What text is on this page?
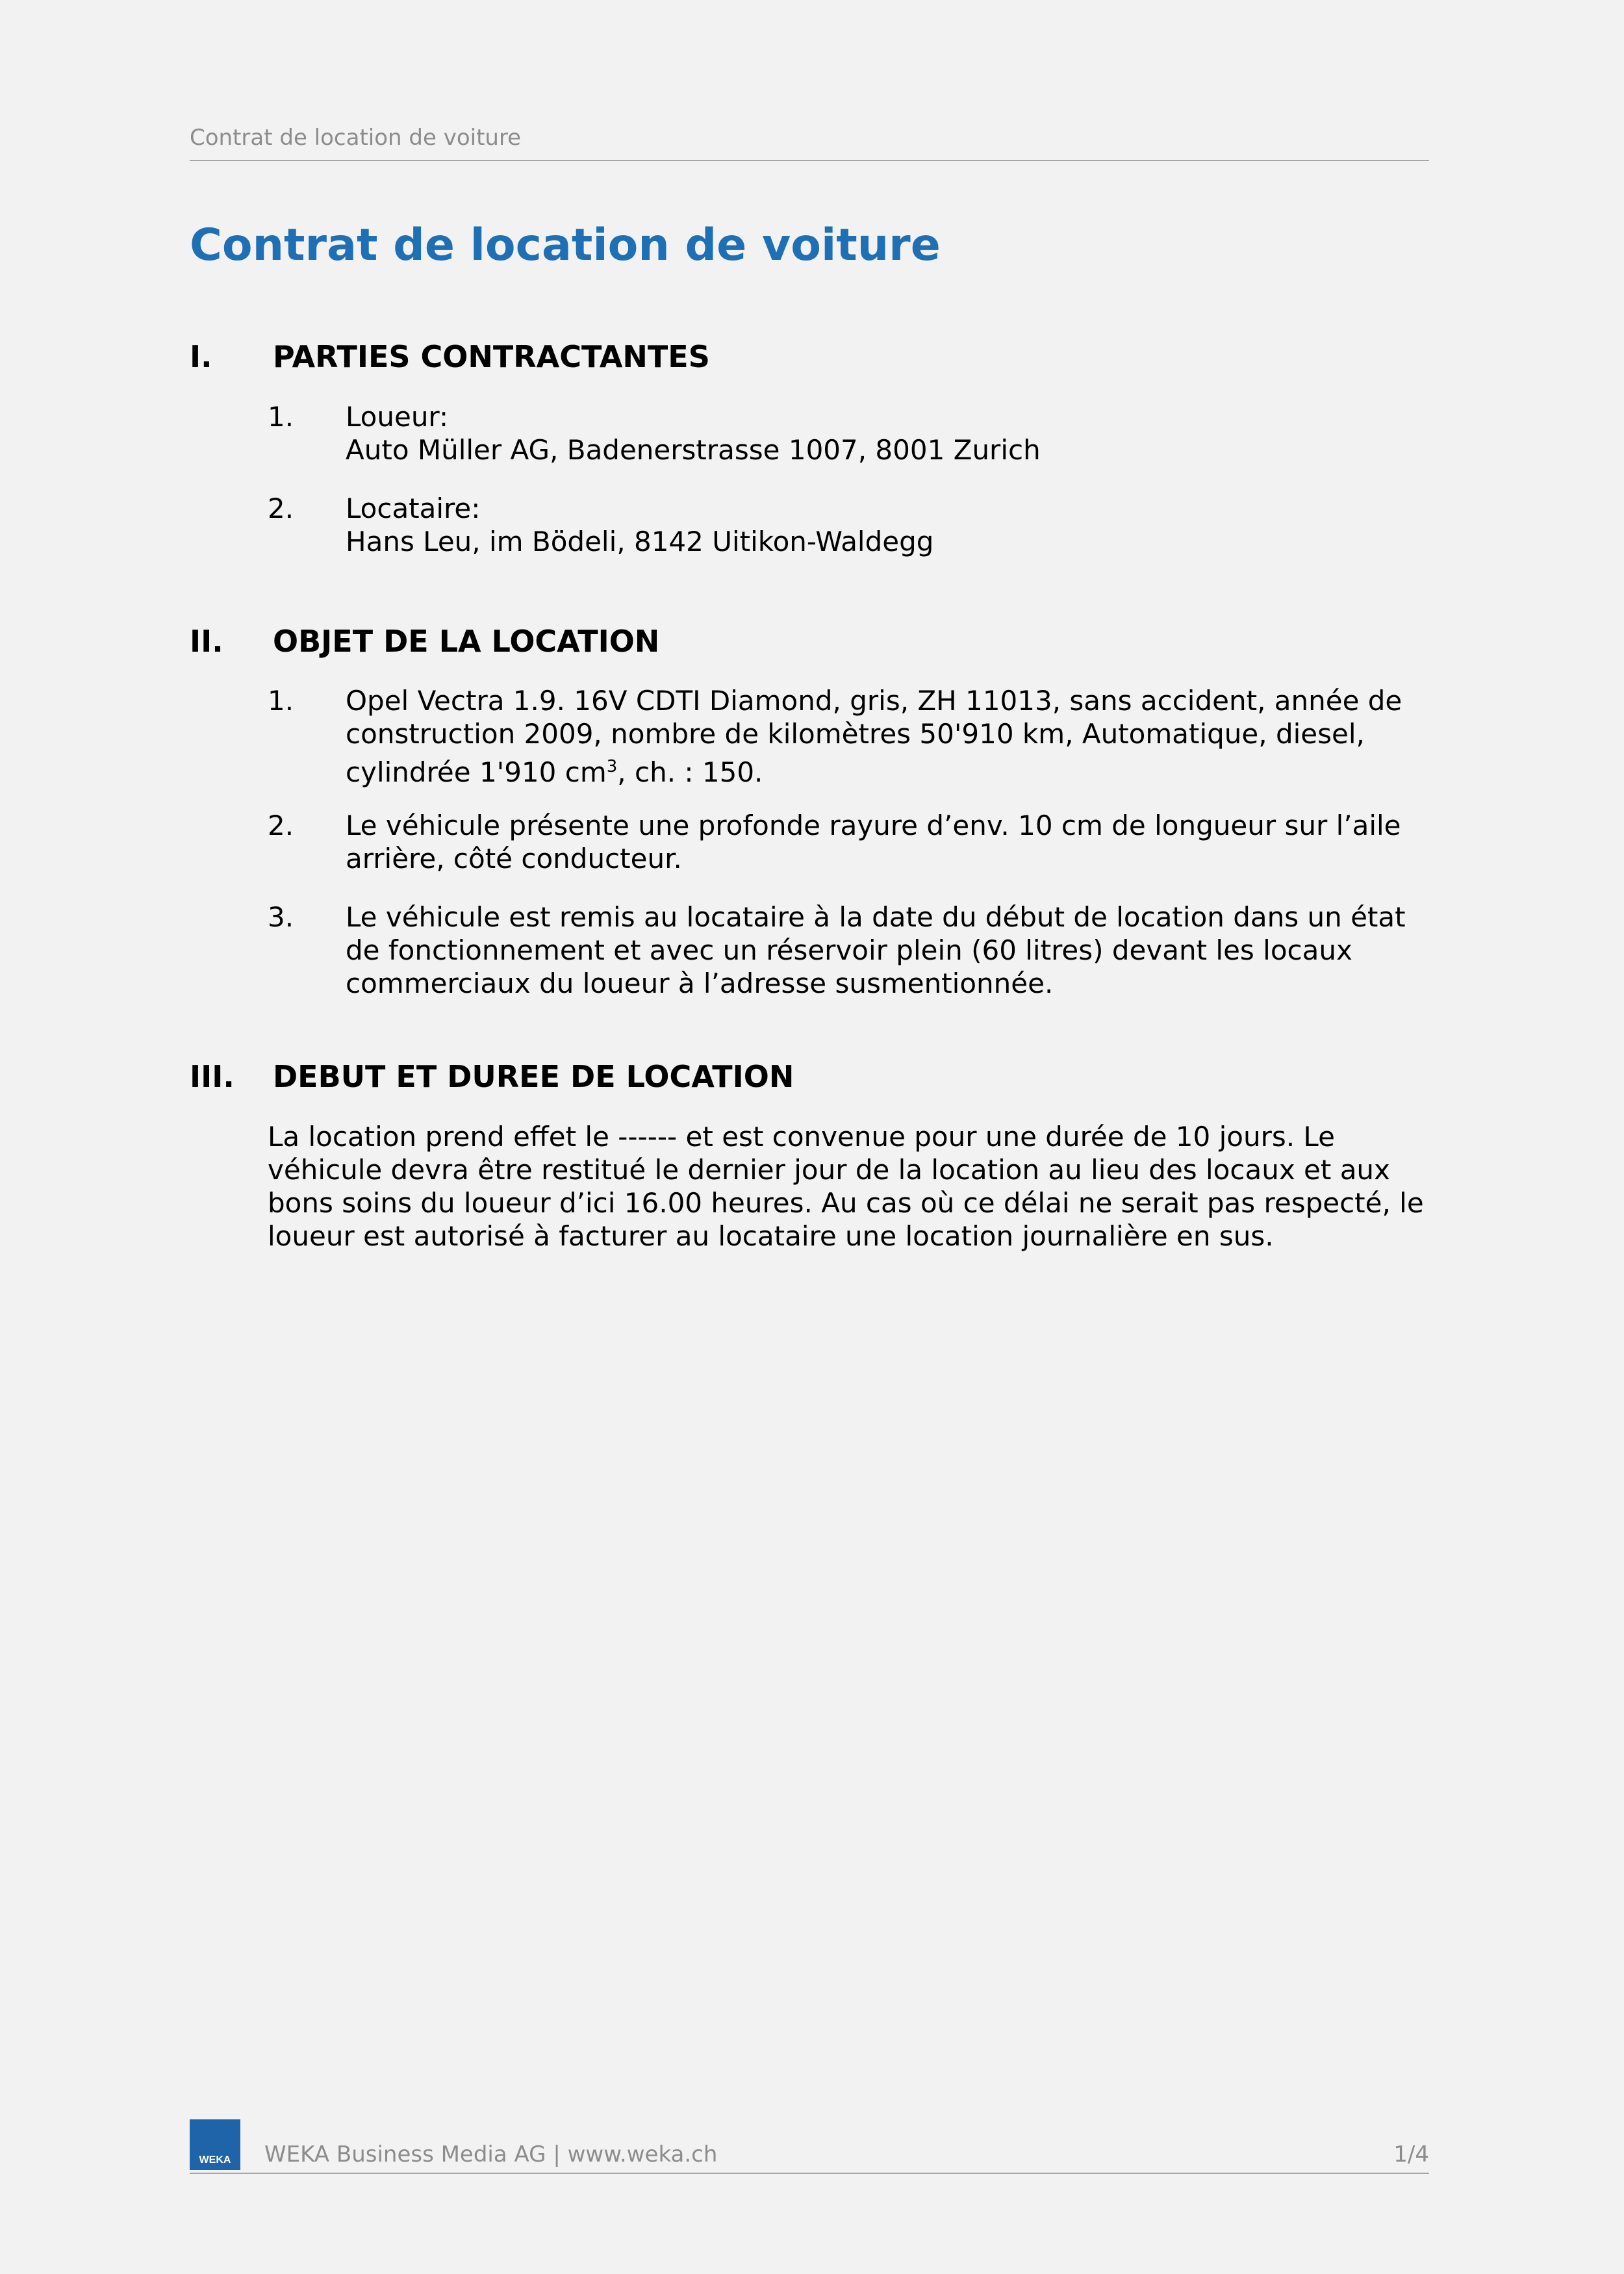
Contrat de location de voiture
Contrat de location de voiture
I.	PARTIES CONTRACTANTES
1.	Loueur:
Auto Müller AG, Badenerstrasse 1007, 8001 Zurich
2.	Locataire:
Hans Leu, im Bödeli, 8142 Uitikon-Waldegg
II.	OBJET DE LA LOCATION
1.	Opel Vectra 1.9. 16V CDTI Diamond, gris, ZH 11013, sans accident, année de construction 2009, nombre de kilomètres 50'910 km, Automatique, diesel, cylindrée 1'910 $cm^3$, ch. : 150.
2.	Le véhicule présente une profonde rayure d’env. 10 cm de longueur sur l’aile arrière, côté conducteur.
3.	Le véhicule est remis au locataire à la date du début de location dans un état de fonctionnement et avec un réservoir plein (60 litres) devant les locaux commerciaux du loueur à l’adresse susmentionnée.
III.	DEBUT ET DUREE DE LOCATION

La location prend effet le ------ et est convenue pour une durée de 10 jours. Le véhicule devra être restitué le dernier jour de la location au lieu des locaux et aux bons soins du loueur d’ici 16.00 heures. Au cas où ce délai ne serait pas respecté, le loueur est autorisé à facturer au locataire une location journalière en sus.

WEKA	WEKA Business Media AG | www.weka.ch	1/4
